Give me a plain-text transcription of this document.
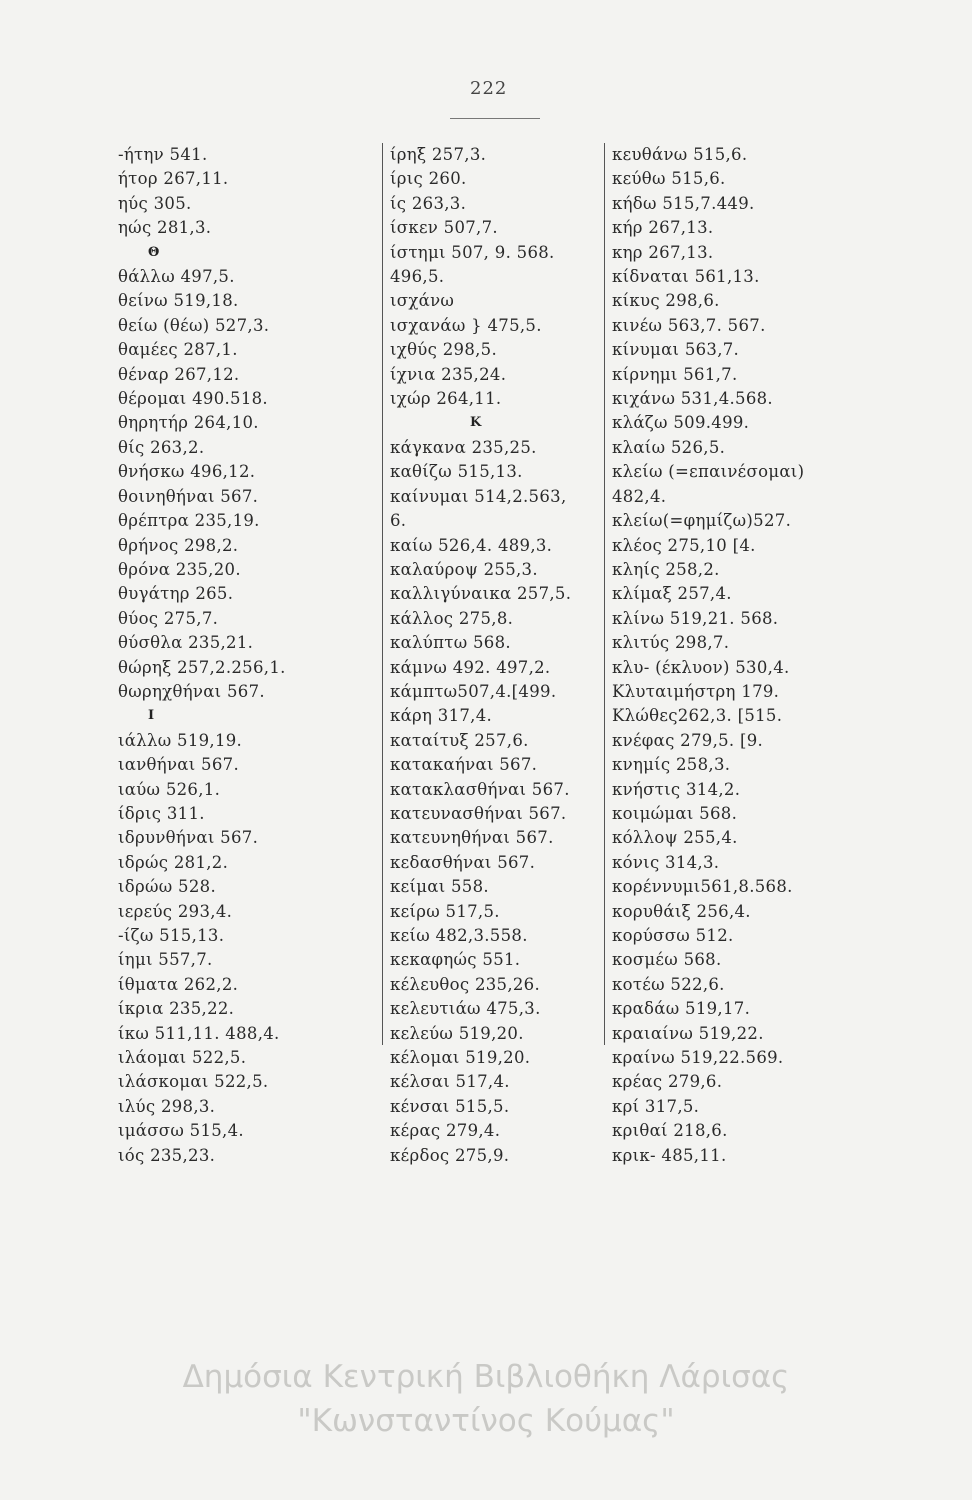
222
-ήτην 541.
ήτορ 267,11.
ηύς 305.
ηώς 281,3.
Θ
θάλλω 497,5.
θείνω 519,18.
θείω (θέω) 527,3.
θαμέες 287,1.
θέναρ 267,12.
θέρομαι 490.518.
θηρητήρ 264,10.
θίς 263,2.
θνήσκω 496,12.
θοινηθήναι 567.
θρέπτρα 235,19.
θρήνος 298,2.
θρόνα 235,20.
θυγάτηρ 265.
θύος 275,7.
θύσθλα 235,21.
θώρηξ 257,2.256,1.
θωρηχθήναι 567.
Ι
ιάλλω 519,19.
ιανθήναι 567.
ιαύω 526,1.
ίδρις 311.
ιδρυνθήναι 567.
ιδρώς 281,2.
ιδρώω 528.
ιερεύς 293,4.
-ίζω 515,13.
ίημι 557,7.
ίθματα 262,2.
ίκρια 235,22.
ίκω 511,11. 488,4.
ιλάομαι 522,5.
ιλάσκομαι 522,5.
ιλύς 298,3.
ιμάσσω 515,4.
ιός 235,23.
ίρηξ 257,3.
ίρις 260.
ίς 263,3.
ίσκεν 507,7.
ίστημι 507, 9. 568.
496,5.
ισχάνω
ισχανάω } 475,5.
ιχθύς 298,5.
ίχνια 235,24.
ιχώρ 264,11.
Κ
κάγκανα 235,25.
καθίζω 515,13.
καίνυμαι 514,2.563,
6.
καίω 526,4. 489,3.
καλαύροψ 255,3.
καλλιγύναικα 257,5.
κάλλος 275,8.
καλύπτω 568.
κάμνω 492. 497,2.
κάμπτω507,4.[499.
κάρη 317,4.
καταίτυξ 257,6.
κατακαήναι 567.
κατακλασθήναι 567.
κατευνασθήναι 567.
κατευνηθήναι 567.
κεδασθήναι 567.
κείμαι 558.
κείρω 517,5.
κείω 482,3.558.
κεκαφηώς 551.
κέλευθος 235,26.
κελευτιάω 475,3.
κελεύω 519,20.
κέλομαι 519,20.
κέλσαι 517,4.
κένσαι 515,5.
κέρας 279,4.
κέρδος 275,9.
κευθάνω 515,6.
κεύθω 515,6.
κήδω 515,7.449.
κήρ 267,13.
κηρ 267,13.
κίδναται 561,13.
κίκυς 298,6.
κινέω 563,7. 567.
κίνυμαι 563,7.
κίρνημι 561,7.
κιχάνω 531,4.568.
κλάζω 509.499.
κλαίω 526,5.
κλείω (=επαινέσομαι)
482,4.
κλείω(=φημίζω)527.
κλέος 275,10 [4.
κληίς 258,2.
κλίμαξ 257,4.
κλίνω 519,21. 568.
κλιτύς 298,7.
κλυ- (έκλυον) 530,4.
Κλυταιμήστρη 179.
Κλώθες262,3. [515.
κνέφας 279,5. [9.
κνημίς 258,3.
κνήστις 314,2.
κοιμώμαι 568.
κόλλοψ 255,4.
κόνις 314,3.
κορέννυμι561,8.568.
κορυθάιξ 256,4.
κορύσσω 512.
κοσμέω 568.
κοτέω 522,6.
κραδάω 519,17.
κραιαίνω 519,22.
κραίνω 519,22.569.
κρέας 279,6.
κρί 317,5.
κριθαί 218,6.
κρικ- 485,11.
Δημόσια Κεντρική Βιβλιοθήκη Λάρισας
"Κωνσταντίνος Κούμας"
